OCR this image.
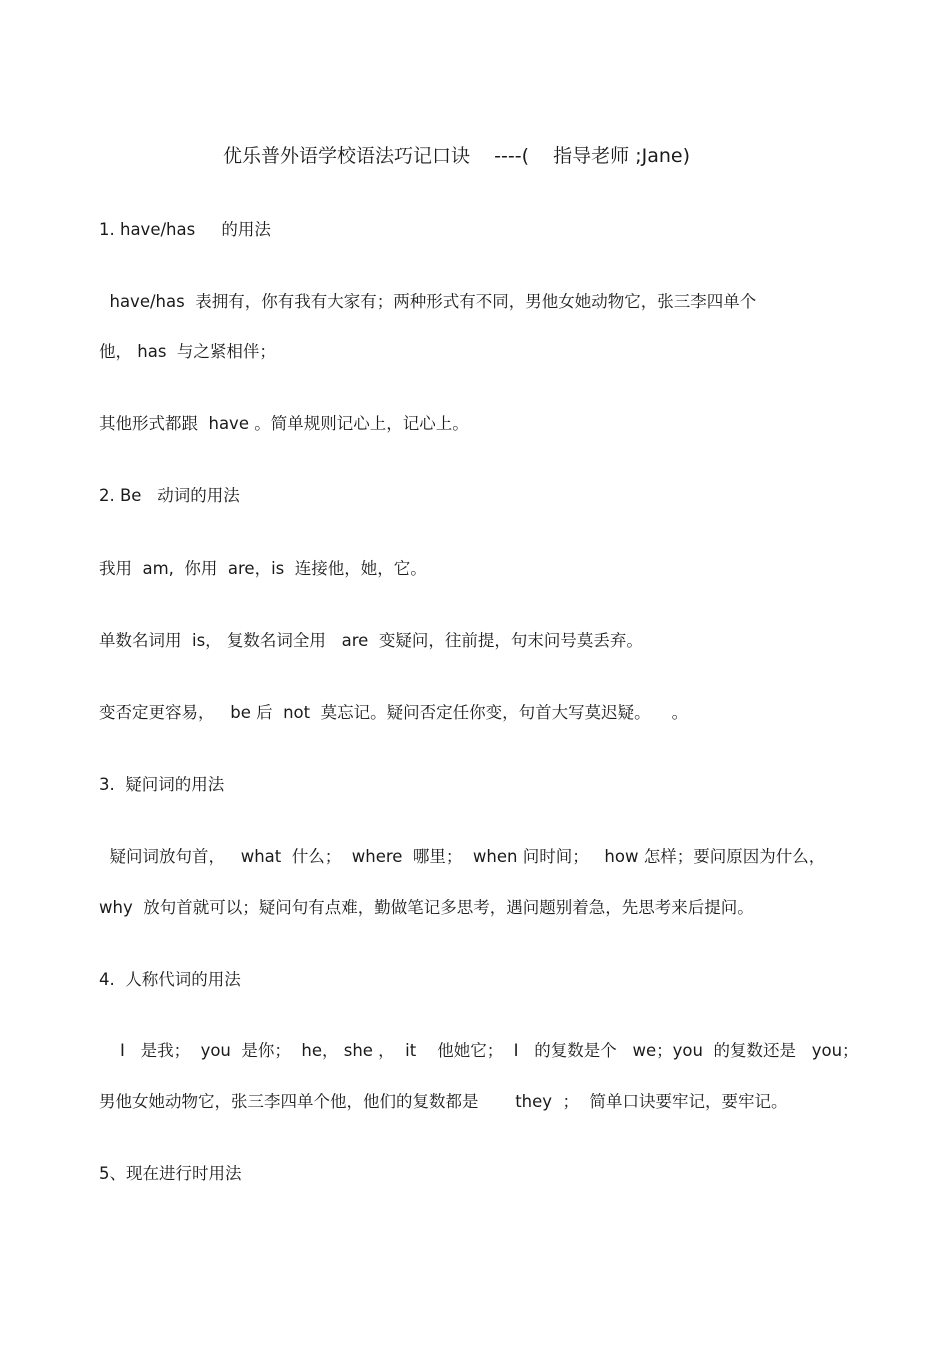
优乐普外语学校语法巧记口诀    ----(    指导老师 ;Jane)
1. have/has     的用法
have/has  表拥有，你有我有大家有；两种形式有不同，男他女她动物它，张三李四单个
他， has  与之紧相伴；
其他形式都跟  have 。简单规则记心上，记心上。
2. Be   动词的用法
我用  am,  你用  are，is  连接他，她，它。
单数名词用  is， 复数名词全用   are  变疑问，往前提，句末问号莫丢弃。
变否定更容易，   be 后  not  莫忘记。疑问否定任你变，句首大写莫迟疑。    。
3.  疑问词的用法
疑问词放句首，   what  什么；  where  哪里；  when 问时间；   how 怎样；要问原因为什么，
why  放句首就可以；疑问句有点难，勤做笔记多思考，遇问题别着急，先思考来后提问。
4.  人称代词的用法
I   是我；  you  是你；  he， she ，  it    他她它；  I   的复数是个   we；you  的复数还是   you；
男他女她动物它，张三李四单个他，他们的复数都是       they  ；  简单口诀要牢记，要牢记。
5、现在进行时用法
